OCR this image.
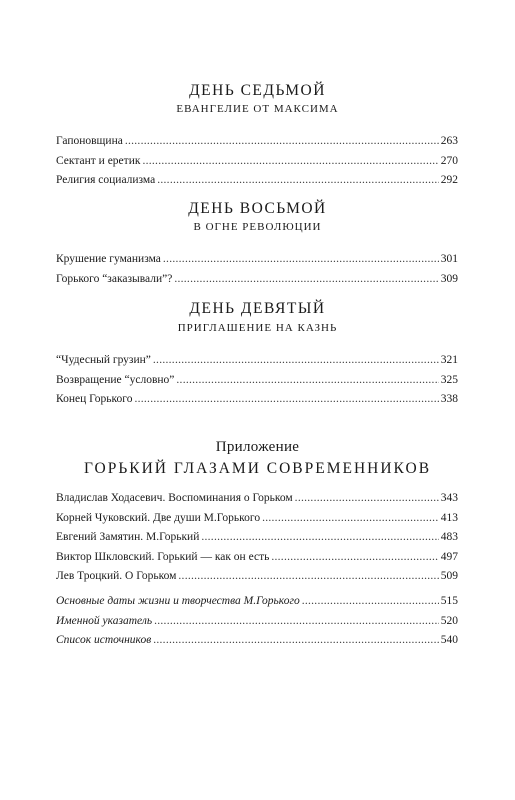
ДЕНЬ СЕДЬМОЙ
ЕВАНГЕЛИЕ ОТ МАКСИМА
Гапоновщина . . .	263
Сектант и еретик . . .	270
Религия социализма . . .	292
ДЕНЬ ВОСЬМОЙ
В ОГНЕ РЕВОЛЮЦИИ
Крушение гуманизма . . .	301
Горького “заказывали”? . . .	309
ДЕНЬ ДЕВЯТЫЙ
ПРИГЛАШЕНИЕ НА КАЗНЬ
“Чудесный грузин” . . .	321
Возвращение “условно” . . .	325
Конец Горького . . .	338
Приложение
ГОРЬКИЙ ГЛАЗАМИ СОВРЕМЕННИКОВ
Владислав Ходасевич. Воспоминания о Горьком . . .	343
Корней Чуковский. Две души М.Горького . . .	413
Евгений Замятин. М.Горький . . .	483
Виктор Шкловский. Горький — как он есть . . .	497
Лев Троцкий. О Горьком . . .	509
Основные даты жизни и творчества М.Горького . . .	515
Именной указатель . . .	520
Список источников . . .	540
